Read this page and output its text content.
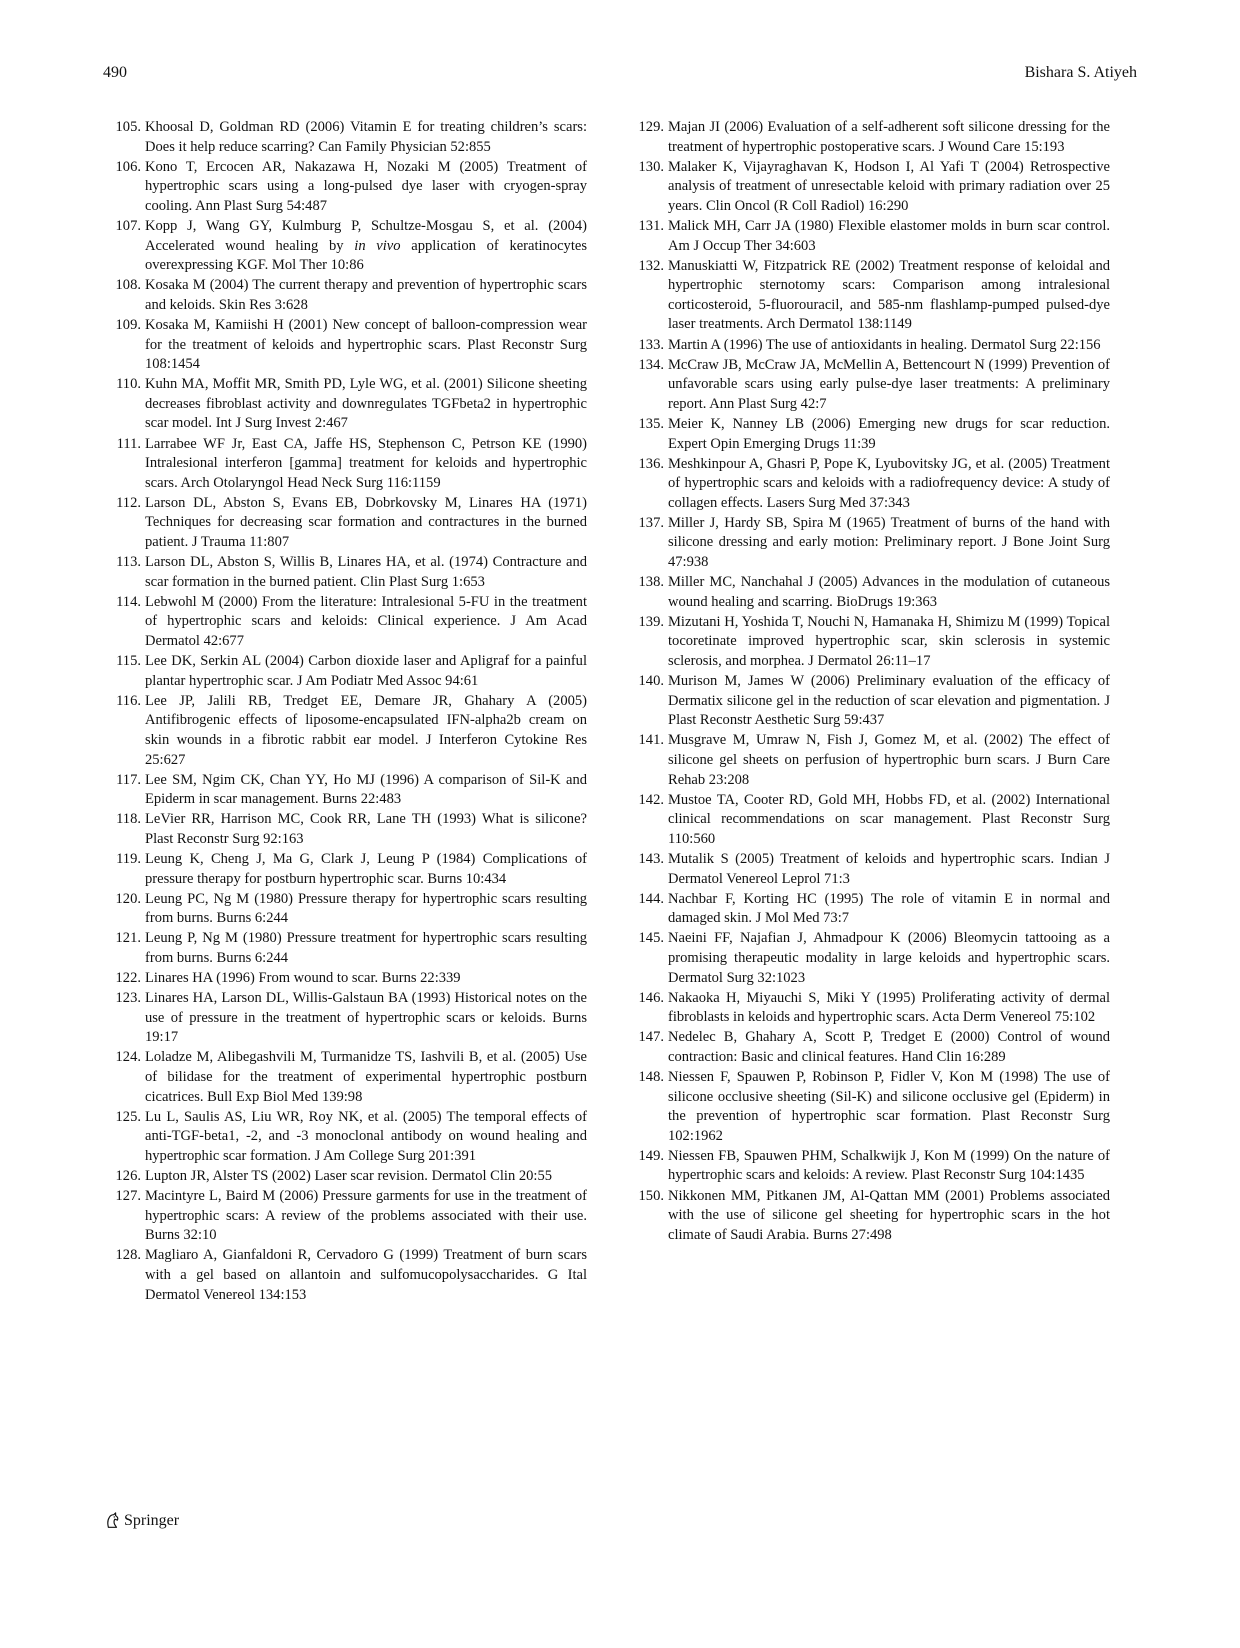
490	Bishara S. Atiyeh
105. Khoosal D, Goldman RD (2006) Vitamin E for treating children’s scars: Does it help reduce scarring? Can Family Physician 52:855
106. Kono T, Ercocen AR, Nakazawa H, Nozaki M (2005) Treatment of hypertrophic scars using a long-pulsed dye laser with cryogen-spray cooling. Ann Plast Surg 54:487
107. Kopp J, Wang GY, Kulmburg P, Schultze-Mosgau S, et al. (2004) Accelerated wound healing by in vivo application of keratinocytes overexpressing KGF. Mol Ther 10:86
108. Kosaka M (2004) The current therapy and prevention of hypertrophic scars and keloids. Skin Res 3:628
109. Kosaka M, Kamiishi H (2001) New concept of balloon-compression wear for the treatment of keloids and hypertrophic scars. Plast Reconstr Surg 108:1454
110. Kuhn MA, Moffit MR, Smith PD, Lyle WG, et al. (2001) Silicone sheeting decreases fibroblast activity and downregulates TGFbeta2 in hypertrophic scar model. Int J Surg Invest 2:467
111. Larrabee WF Jr, East CA, Jaffe HS, Stephenson C, Petrson KE (1990) Intralesional interferon [gamma] treatment for keloids and hypertrophic scars. Arch Otolaryngol Head Neck Surg 116:1159
112. Larson DL, Abston S, Evans EB, Dobrkovsky M, Linares HA (1971) Techniques for decreasing scar formation and contractures in the burned patient. J Trauma 11:807
113. Larson DL, Abston S, Willis B, Linares HA, et al. (1974) Contracture and scar formation in the burned patient. Clin Plast Surg 1:653
114. Lebwohl M (2000) From the literature: Intralesional 5-FU in the treatment of hypertrophic scars and keloids: Clinical experience. J Am Acad Dermatol 42:677
115. Lee DK, Serkin AL (2004) Carbon dioxide laser and Apligraf for a painful plantar hypertrophic scar. J Am Podiatr Med Assoc 94:61
116. Lee JP, Jalili RB, Tredget EE, Demare JR, Ghahary A (2005) Antifibrogenic effects of liposome-encapsulated IFN-alpha2b cream on skin wounds in a fibrotic rabbit ear model. J Interferon Cytokine Res 25:627
117. Lee SM, Ngim CK, Chan YY, Ho MJ (1996) A comparison of Sil-K and Epiderm in scar management. Burns 22:483
118. LeVier RR, Harrison MC, Cook RR, Lane TH (1993) What is silicone? Plast Reconstr Surg 92:163
119. Leung K, Cheng J, Ma G, Clark J, Leung P (1984) Complications of pressure therapy for postburn hypertrophic scar. Burns 10:434
120. Leung PC, Ng M (1980) Pressure therapy for hypertrophic scars resulting from burns. Burns 6:244
121. Leung P, Ng M (1980) Pressure treatment for hypertrophic scars resulting from burns. Burns 6:244
122. Linares HA (1996) From wound to scar. Burns 22:339
123. Linares HA, Larson DL, Willis-Galstaun BA (1993) Historical notes on the use of pressure in the treatment of hypertrophic scars or keloids. Burns 19:17
124. Loladze M, Alibegashvili M, Turmanidze TS, Iashvili B, et al. (2005) Use of bilidase for the treatment of experimental hypertrophic postburn cicatrices. Bull Exp Biol Med 139:98
125. Lu L, Saulis AS, Liu WR, Roy NK, et al. (2005) The temporal effects of anti-TGF-beta1, -2, and -3 monoclonal antibody on wound healing and hypertrophic scar formation. J Am College Surg 201:391
126. Lupton JR, Alster TS (2002) Laser scar revision. Dermatol Clin 20:55
127. Macintyre L, Baird M (2006) Pressure garments for use in the treatment of hypertrophic scars: A review of the problems associated with their use. Burns 32:10
128. Magliaro A, Gianfaldoni R, Cervadoro G (1999) Treatment of burn scars with a gel based on allantoin and sulfomucopolysaccharides. G Ital Dermatol Venereol 134:153
129. Majan JI (2006) Evaluation of a self-adherent soft silicone dressing for the treatment of hypertrophic postoperative scars. J Wound Care 15:193
130. Malaker K, Vijayraghavan K, Hodson I, Al Yafi T (2004) Retrospective analysis of treatment of unresectable keloid with primary radiation over 25 years. Clin Oncol (R Coll Radiol) 16:290
131. Malick MH, Carr JA (1980) Flexible elastomer molds in burn scar control. Am J Occup Ther 34:603
132. Manuskiatti W, Fitzpatrick RE (2002) Treatment response of keloidal and hypertrophic sternotomy scars: Comparison among intralesional corticosteroid, 5-fluorouracil, and 585-nm flashlamp-pumped pulsed-dye laser treatments. Arch Dermatol 138:1149
133. Martin A (1996) The use of antioxidants in healing. Dermatol Surg 22:156
134. McCraw JB, McCraw JA, McMellin A, Bettencourt N (1999) Prevention of unfavorable scars using early pulse-dye laser treatments: A preliminary report. Ann Plast Surg 42:7
135. Meier K, Nanney LB (2006) Emerging new drugs for scar reduction. Expert Opin Emerging Drugs 11:39
136. Meshkinpour A, Ghasri P, Pope K, Lyubovitsky JG, et al. (2005) Treatment of hypertrophic scars and keloids with a radiofrequency device: A study of collagen effects. Lasers Surg Med 37:343
137. Miller J, Hardy SB, Spira M (1965) Treatment of burns of the hand with silicone dressing and early motion: Preliminary report. J Bone Joint Surg 47:938
138. Miller MC, Nanchahal J (2005) Advances in the modulation of cutaneous wound healing and scarring. BioDrugs 19:363
139. Mizutani H, Yoshida T, Nouchi N, Hamanaka H, Shimizu M (1999) Topical tocoretinate improved hypertrophic scar, skin sclerosis in systemic sclerosis, and morphea. J Dermatol 26:11–17
140. Murison M, James W (2006) Preliminary evaluation of the efficacy of Dermatix silicone gel in the reduction of scar elevation and pigmentation. J Plast Reconstr Aesthetic Surg 59:437
141. Musgrave M, Umraw N, Fish J, Gomez M, et al. (2002) The effect of silicone gel sheets on perfusion of hypertrophic burn scars. J Burn Care Rehab 23:208
142. Mustoe TA, Cooter RD, Gold MH, Hobbs FD, et al. (2002) International clinical recommendations on scar management. Plast Reconstr Surg 110:560
143. Mutalik S (2005) Treatment of keloids and hypertrophic scars. Indian J Dermatol Venereol Leprol 71:3
144. Nachbar F, Korting HC (1995) The role of vitamin E in normal and damaged skin. J Mol Med 73:7
145. Naeini FF, Najafian J, Ahmadpour K (2006) Bleomycin tattooing as a promising therapeutic modality in large keloids and hypertrophic scars. Dermatol Surg 32:1023
146. Nakaoka H, Miyauchi S, Miki Y (1995) Proliferating activity of dermal fibroblasts in keloids and hypertrophic scars. Acta Derm Venereol 75:102
147. Nedelec B, Ghahary A, Scott P, Tredget E (2000) Control of wound contraction: Basic and clinical features. Hand Clin 16:289
148. Niessen F, Spauwen P, Robinson P, Fidler V, Kon M (1998) The use of silicone occlusive sheeting (Sil-K) and silicone occlusive gel (Epiderm) in the prevention of hypertrophic scar formation. Plast Reconstr Surg 102:1962
149. Niessen FB, Spauwen PHM, Schalkwijk J, Kon M (1999) On the nature of hypertrophic scars and keloids: A review. Plast Reconstr Surg 104:1435
150. Nikkonen MM, Pitkanen JM, Al-Qattan MM (2001) Problems associated with the use of silicone gel sheeting for hypertrophic scars in the hot climate of Saudi Arabia. Burns 27:498
Springer
